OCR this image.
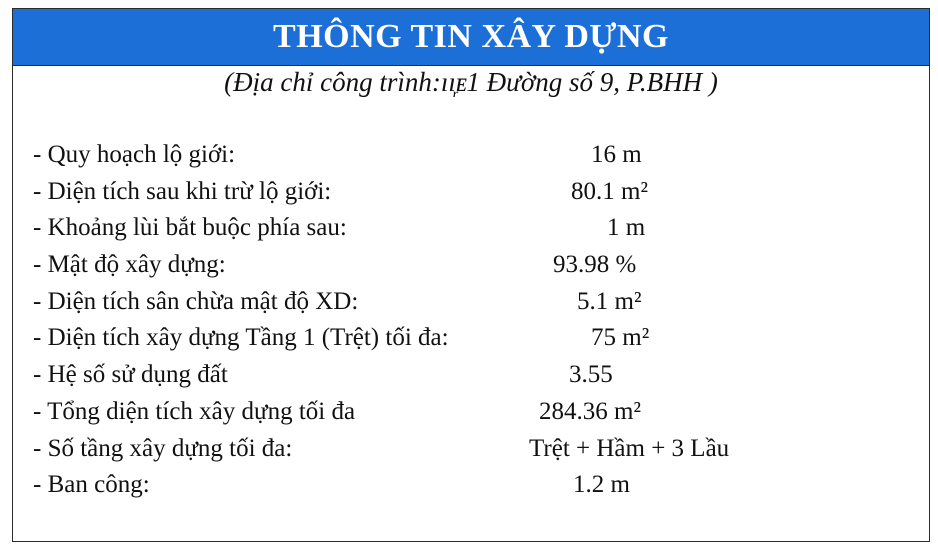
THÔNG TIN XÂY DỰNG
(Địa chỉ công trình:ıı᷊ᴇ1 Đường số 9, P.BHH )
- Quy hoạch lộ giới:	16 m
- Diện tích sau khi trừ lộ giới:	80.1 m²
- Khoảng lùi bắt buộc phía sau:	1 m
- Mật độ xây dựng:	93.98 %
- Diện tích sân chừa mật độ XD:	5.1 m²
- Diện tích xây dựng Tầng 1 (Trệt) tối đa:	75 m²
- Hệ số sử dụng đất	3.55
- Tổng diện tích xây dựng tối đa	284.36 m²
- Số tầng xây dựng tối đa:	Trệt + Hầm + 3 Lầu
- Ban công:	1.2 m
